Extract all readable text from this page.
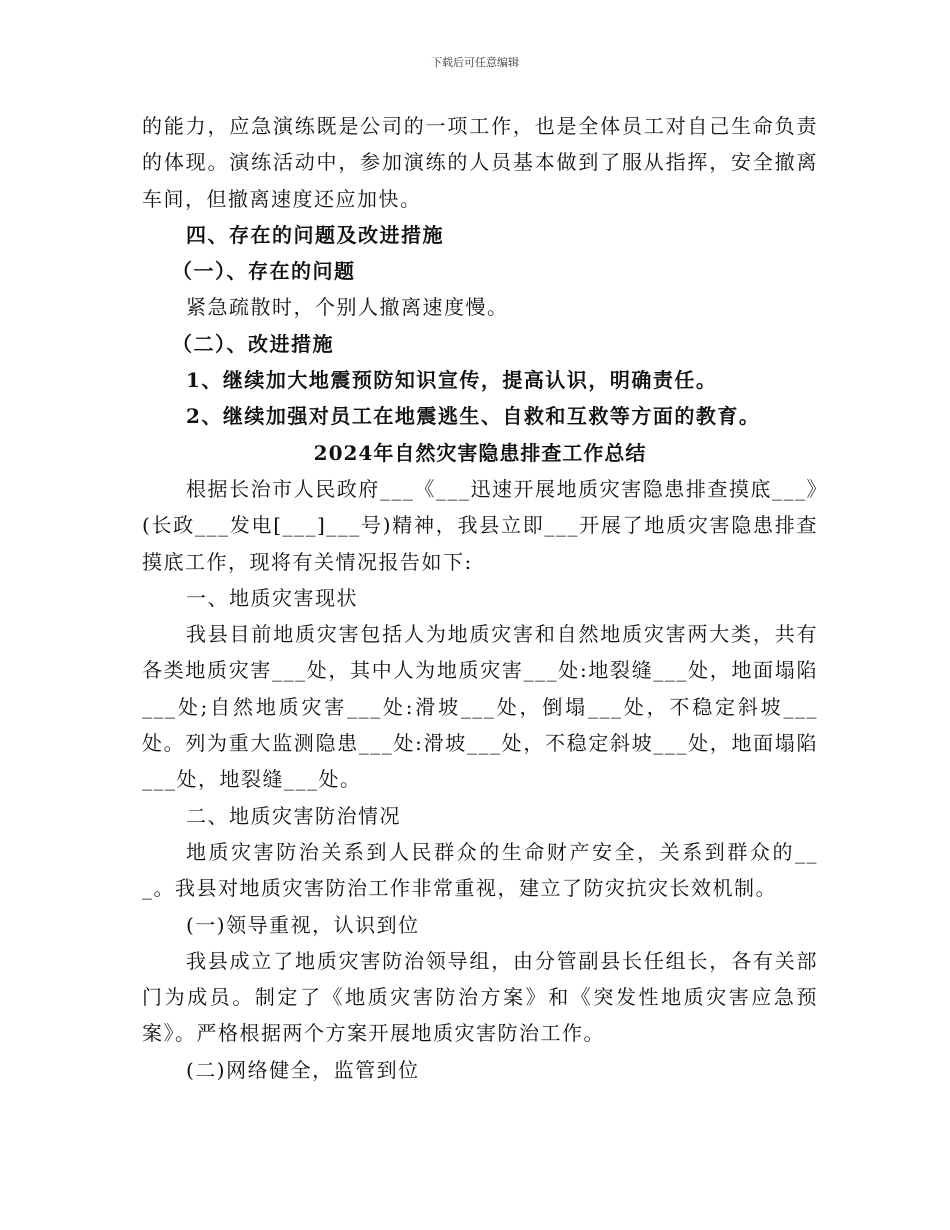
下载后可任意编辑

的能力，应急演练既是公司的一项工作，也是全体员工对自己生命负责的体现。演练活动中，参加演练的人员基本做到了服从指挥，安全撤离车间，但撤离速度还应加快。

四、存在的问题及改进措施

（一）、存在的问题

紧急疏散时，个别人撤离速度慢。

（二）、改进措施

1、继续加大地震预防知识宣传，提高认识，明确责任。

2、继续加强对员工在地震逃生、自救和互救等方面的教育。

2024年自然灾害隐患排查工作总结

根据长治市人民政府___《___迅速开展地质灾害隐患排查摸底___》(长政___发电[___]___号)精神，我县立即___开展了地质灾害隐患排查摸底工作，现将有关情况报告如下:

一、地质灾害现状

我县目前地质灾害包括人为地质灾害和自然地质灾害两大类，共有各类地质灾害___处，其中人为地质灾害___处:地裂缝___处，地面塌陷___处;自然地质灾害___处:滑坡___处，倒塌___处，不稳定斜坡___处。列为重大监测隐患___处:滑坡___处，不稳定斜坡___处，地面塌陷___处，地裂缝___处。

二、地质灾害防治情况

地质灾害防治关系到人民群众的生命财产安全，关系到群众的___。我县对地质灾害防治工作非常重视，建立了防灾抗灾长效机制。

(一)领导重视，认识到位

我县成立了地质灾害防治领导组，由分管副县长任组长，各有关部门为成员。制定了《地质灾害防治方案》和《突发性地质灾害应急预案》。严格根据两个方案开展地质灾害防治工作。

(二)网络健全，监管到位
